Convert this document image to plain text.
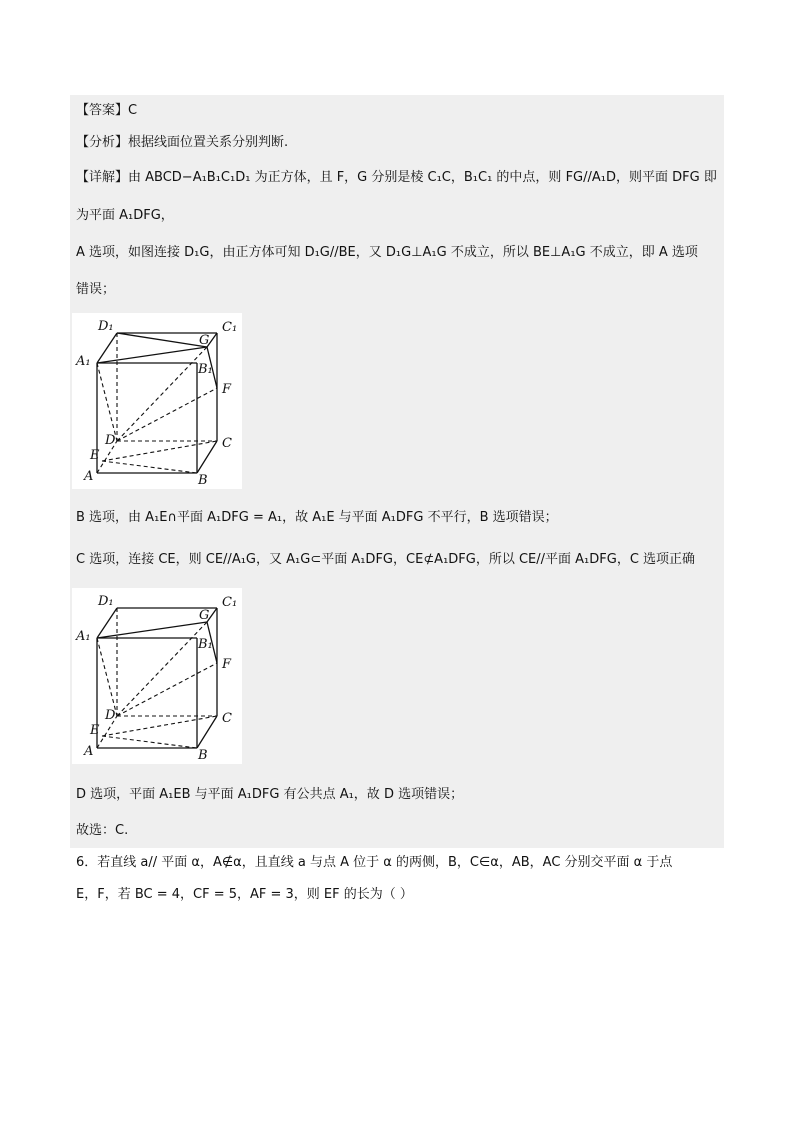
【答案】C
【分析】根据线面位置关系分别判断.
【详解】由 ABCD−A₁B₁C₁D₁ 为正方体，且 F，G 分别是棱 C₁C，B₁C₁ 的中点，则 FG//A₁D，则平面 DFG 即
为平面 A₁DFG，
A 选项，如图连接 D₁G，由正方体可知 D₁G//BE，又 D₁G⊥A₁G 不成立，所以 BE⊥A₁G 不成立，即 A 选项
错误；
D₁	C₁
A₁
B₁
G
F
D	C
E
A	B
B 选项，由 A₁E∩平面 A₁DFG = A₁，故 A₁E 与平面 A₁DFG 不平行，B 选项错误；
C 选项，连接 CE，则 CE//A₁G，又 A₁G⊂平面 A₁DFG，CE⊄A₁DFG，所以 CE//平面 A₁DFG，C 选项正确
D₁	C₁
A₁
B₁
G
F
D	C
E
A	B
D 选项，平面 A₁EB 与平面 A₁DFG 有公共点 A₁，故 D 选项错误；
故选：C.
6．若直线 a// 平面 α，A∉α，且直线 a 与点 A 位于 α 的两侧，B，C∈α，AB，AC 分别交平面 α 于点
E，F，若 BC = 4，CF = 5，AF = 3，则 EF 的长为（ ）
